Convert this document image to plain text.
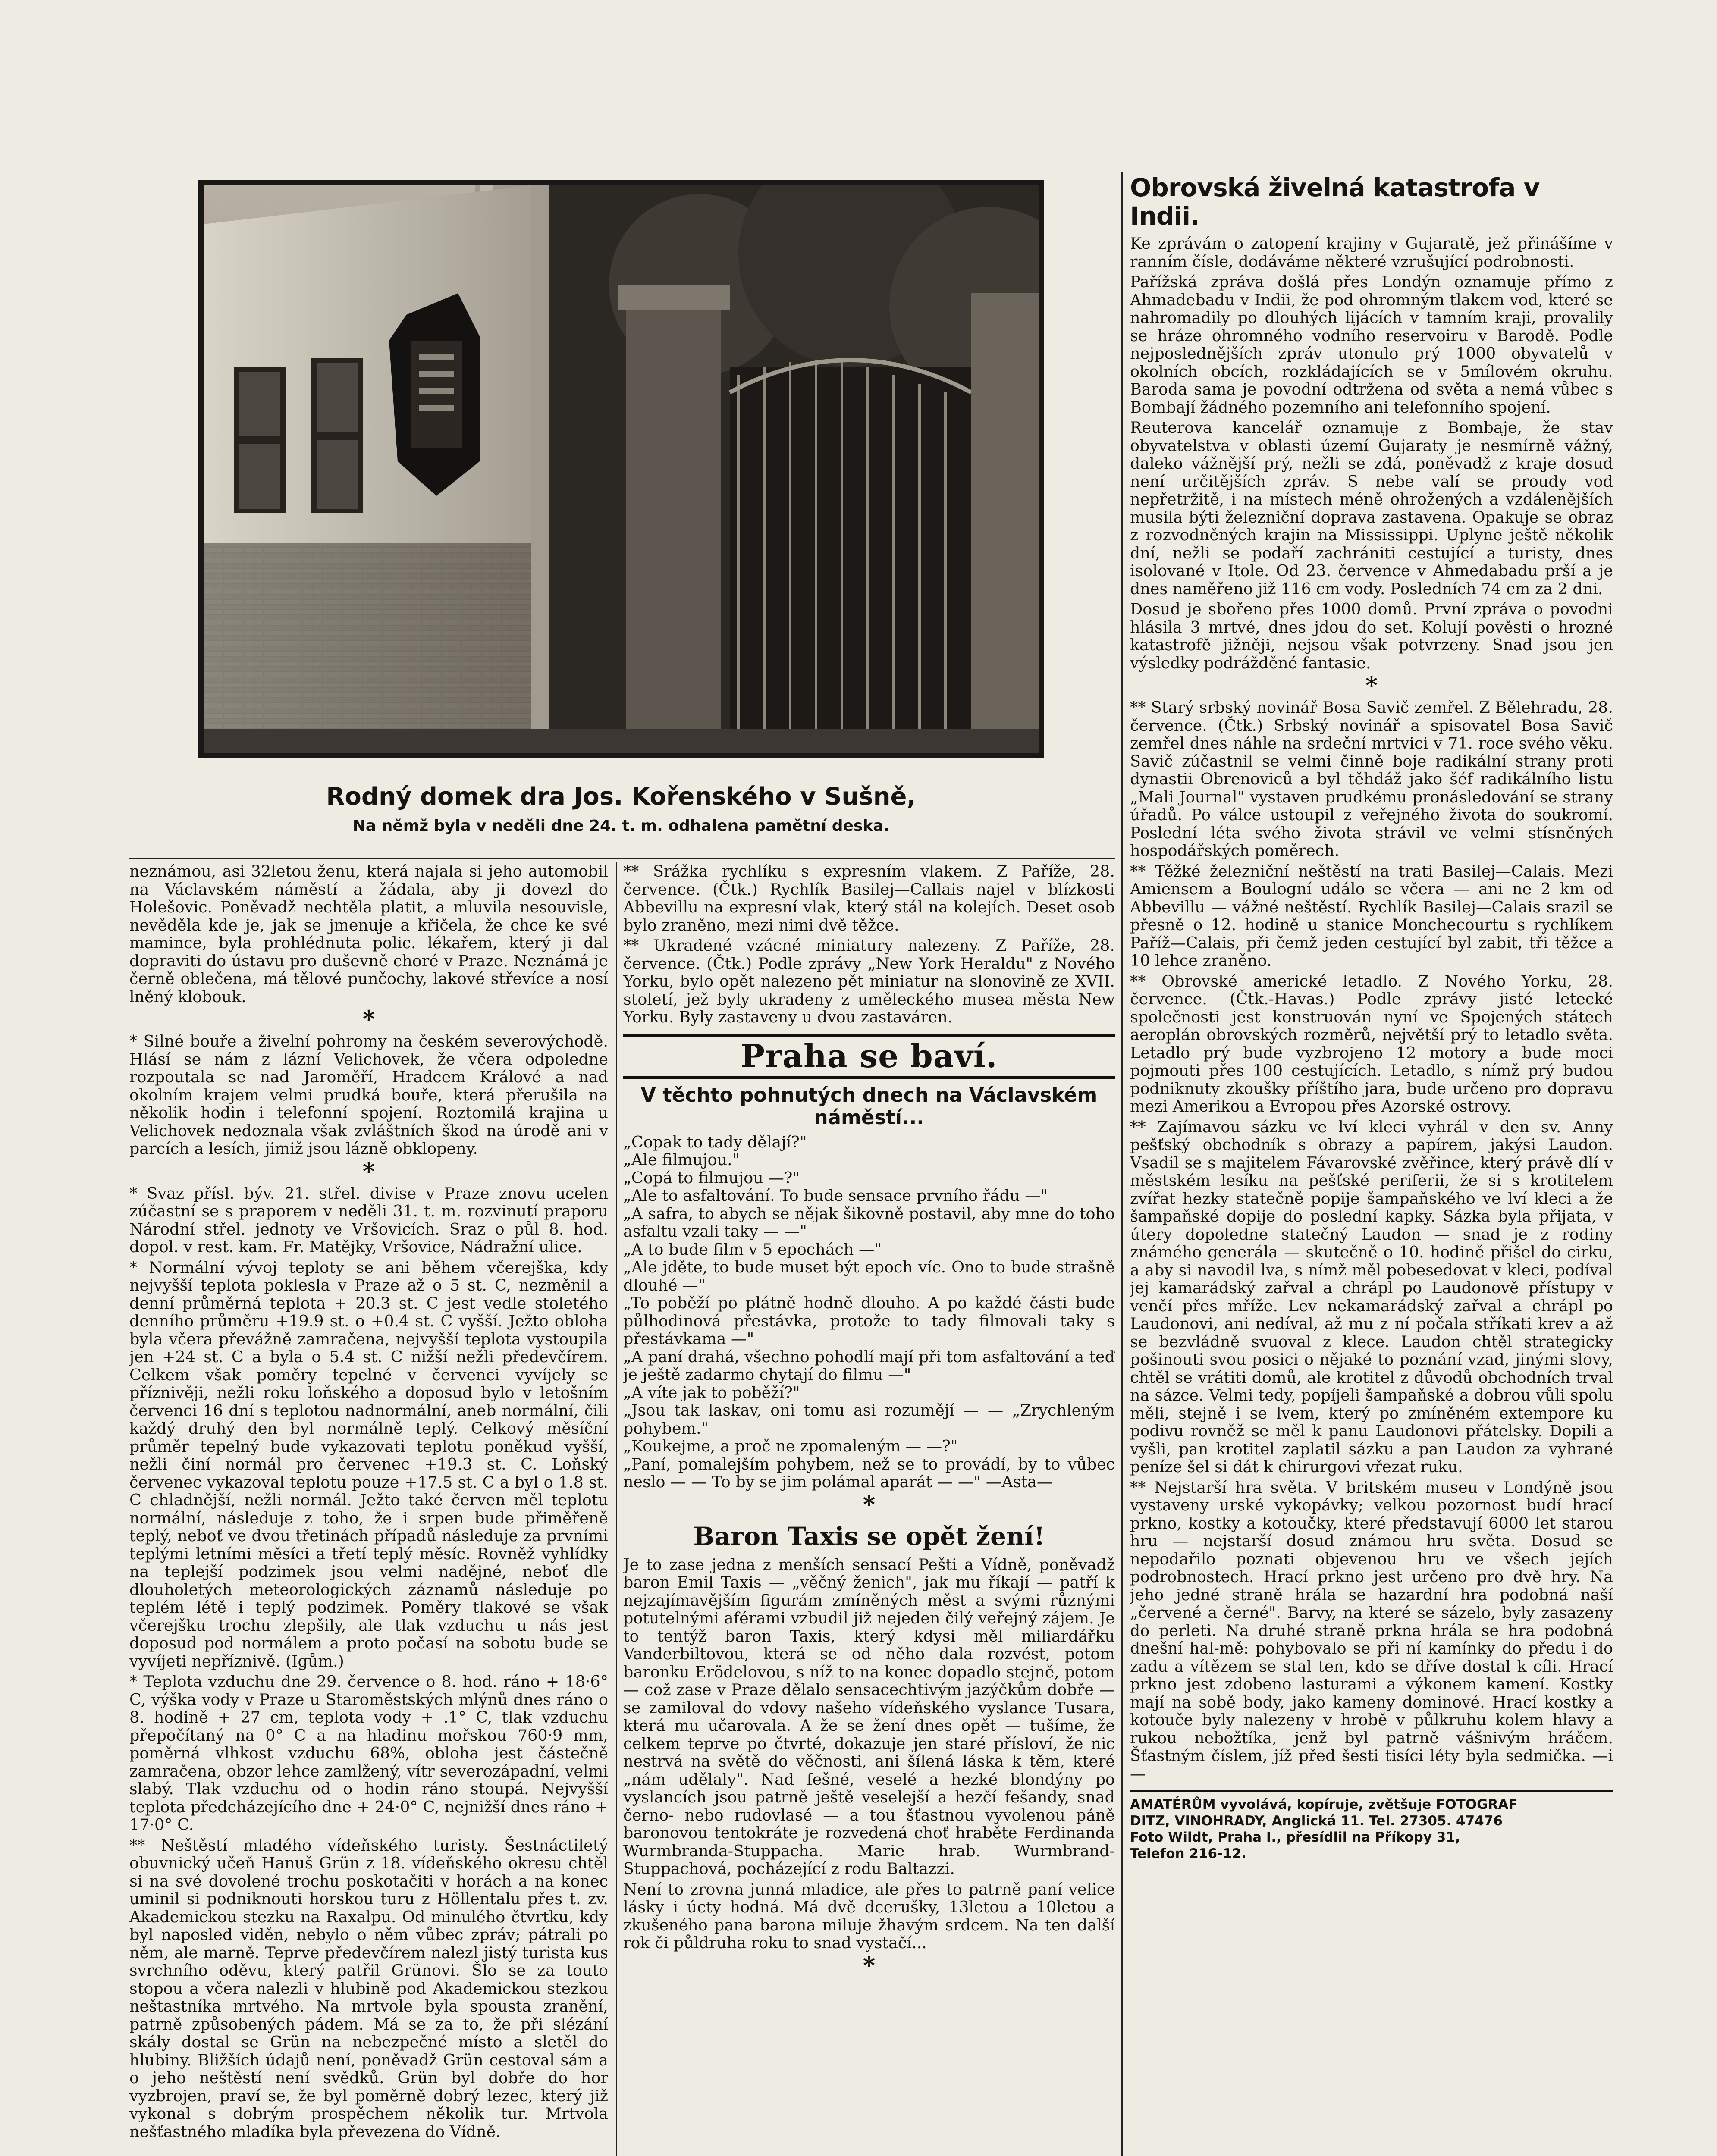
Rodný domek dra Jos. Kořenského v Sušně,

Na němž byla v neděli dne 24. t. m. odhalena pamětní deska.

neznámou, asi 32letou ženu, která najala si jeho automobil na Václavském náměstí a žádala, aby ji dovezl do Holešovic. Poněvadž nechtěla platit, a mluvila nesouvisle, nevěděla kde je, jak se jmenuje a křičela, že chce ke své mamince, byla prohlédnuta polic. lékařem, který ji dal dopraviti do ústavu pro duševně choré v Praze. Neznámá je černě oblečena, má tělové punčochy, lakové střevíce a nosí lněný klobouk.

*

* Silné bouře a živelní pohromy na českém severovýchodě. Hlásí se nám z lázní Velichovek, že včera odpoledne rozpoutala se nad Jaroměří, Hradcem Králové a nad okolním krajem velmi prudká bouře, která přerušila na několik hodin i telefonní spojení. Roztomilá krajina u Velichovek nedoznala však zvláštních škod na úrodě ani v parcích a lesích, jimiž jsou lázně obklopeny.

*

* Svaz přísl. býv. 21. střel. divise v Praze znovu ucelen zúčastní se s praporem v neděli 31. t. m. rozvinutí praporu Národní střel. jednoty ve Vršovicích. Sraz o půl 8. hod. dopol. v rest. kam. Fr. Matějky, Vršovice, Nádražní ulice.

* Normální vývoj teploty se ani během včerejška, kdy nejvyšší teplota poklesla v Praze až o 5 st. C, nezměnil a denní průměrná teplota + 20.3 st. C jest vedle stoletého denního průměru +19.9 st. o +0.4 st. C vyšší. Ježto obloha byla včera převážně zamračena, nejvyšší teplota vystoupila jen +24 st. C a byla o 5.4 st. C nižší nežli předevčírem. Celkem však poměry tepelné v červenci vyvíjely se příznivěji, nežli roku loňského a doposud bylo v letošním červenci 16 dní s teplotou nadnormální, aneb normální, čili každý druhý den byl normálně teplý. Celkový měsíční průměr tepelný bude vykazovati teplotu poněkud vyšší, nežli činí normál pro červenec +19.3 st. C. Loňský červenec vykazoval teplotu pouze +17.5 st. C a byl o 1.8 st. C chladnější, nežli normál. Ježto také červen měl teplotu normální, následuje z toho, že i srpen bude přiměřeně teplý, neboť ve dvou třetinách případů následuje za prvními teplými letními měsíci a třetí teplý měsíc. Rovněž vyhlídky na teplejší podzimek jsou velmi nadějné, neboť dle dlouholetých meteorologických záznamů následuje po teplém létě i teplý podzimek. Poměry tlakové se však včerejšku trochu zlepšily, ale tlak vzduchu u nás jest doposud pod normálem a proto počasí na sobotu bude se vyvíjeti nepříznivě. (Igům.)

* Teplota vzduchu dne 29. července o 8. hod. ráno + 18·6° C, výška vody v Praze u Staroměstských mlýnů dnes ráno o 8. hodině + 27 cm, teplota vody + .1° C, tlak vzduchu přepočítaný na 0° C a na hladinu mořskou 760·9 mm, poměrná vlhkost vzduchu 68%, obloha jest částečně zamračena, obzor lehce zamlžený, vítr severozápadní, velmi slabý. Tlak vzduchu od o hodin ráno stoupá. Nejvyšší teplota předcházejícího dne + 24·0° C, nejnižší dnes ráno + 17·0° C.

** Neštěstí mladého vídeňského turisty. Šestnáctiletý obuvnický učeň Hanuš Grün z 18. vídeňského okresu chtěl si na své dovolené trochu poskotačiti v horách a na konec uminil si podniknouti horskou turu z Höllentalu přes t. zv. Akademickou stezku na Raxalpu. Od minulého čtvrtku, kdy byl naposled viděn, nebylo o něm vůbec zpráv; pátrali po něm, ale marně. Teprve předevčírem nalezl jistý turista kus svrchního oděvu, který patřil Grünovi. Šlo se za touto stopou a včera nalezli v hlubině pod Akademickou stezkou neštastníka mrtvého. Na mrtvole byla spousta zranění, patrně způsobených pádem. Má se za to, že při slézání skály dostal se Grün na nebezpečné místo a sletěl do hlubiny. Bližších údajů není, poněvadž Grün cestoval sám a o jeho neštěstí není svědků. Grün byl dobře do hor vyzbrojen, praví se, že byl poměrně dobrý lezec, který již vykonal s dobrým prospěchem několik tur. Mrtvola nešťastného mladíka byla převezena do Vídně.

** Srážka rychlíku s expresním vlakem. Z Paříže, 28. července. (Čtk.) Rychlík Basilej—Callais najel v blízkosti Abbevillu na expresní vlak, který stál na kolejích. Deset osob bylo zraněno, mezi nimi dvě těžce.

** Ukradené vzácné miniatury nalezeny. Z Paříže, 28. července. (Čtk.) Podle zprávy „New York Heraldu" z Nového Yorku, bylo opět nalezeno pět miniatur na slonovině ze XVII. století, jež byly ukradeny z uměleckého musea města New Yorku. Byly zastaveny u dvou zastaváren.

Praha se baví.
V těchto pohnutých dnech na Václavském náměstí...

„Copak to tady dělají?"
„Ale filmujou."
„Copá to filmujou —?"
„Ale to asfaltování. To bude sensace prvního řádu —"
„A safra, to abych se nějak šikovně postavil, aby mne do toho asfaltu vzali taky — —"
„A to bude film v 5 epochách —"
„Ale jděte, to bude muset být epoch víc. Ono to bude strašně dlouhé —"
„To poběží po plátně hodně dlouho. A po každé části bude půlhodinová přestávka, protože to tady filmovali taky s přestávkama —"
„A paní drahá, všechno pohodlí mají při tom asfaltování a teď je ještě zadarmo chytají do filmu —"
„A víte jak to poběží?"
„Jsou tak laskav, oni tomu asi rozumějí — — „Zrychleným pohybem."
„Koukejme, a proč ne zpomaleným — —?"
„Paní, pomalejším pohybem, než se to provádí, by to vůbec neslo — — To by se jim polámal aparát — —" —Asta—

*
Baron Taxis se opět žení!

Je to zase jedna z menších sensací Pešti a Vídně, poněvadž baron Emil Taxis — „věčný ženich", jak mu říkají — patří k nejzajímavějším figurám zmíněných měst a svými různými potutelnými aférami vzbudil již nejeden čilý veřejný zájem. Je to tentýž baron Taxis, který kdysi měl miliardářku Vanderbiltovou, která se od něho dala rozvést, potom baronku Erödelovou, s níž to na konec dopadlo stejně, potom — což zase v Praze dělalo sensacechtivým jazýčkům dobře — se zamiloval do vdovy našeho vídeňského vyslance Tusara, která mu učarovala. A že se žení dnes opět — tušíme, že celkem teprve po čtvrté, dokazuje jen staré přísloví, že nic nestrvá na světě do věčnosti, ani šílená láska k těm, které „nám udělaly". Nad fešné, veselé a hezké blondýny po vyslancích jsou patrně ještě veselejší a hezčí fešandy, snad černo- nebo rudovlasé — a tou šťastnou vyvolenou páně baronovou tentokráte je rozvedená choť hraběte Ferdinanda Wurmbranda-Stuppacha. Marie hrab. Wurmbrand-Stuppachová, pocházející z rodu Baltazzi.

Není to zrovna junná mladice, ale přes to patrně paní velice lásky i úcty hodná. Má dvě dcerušky, 13letou a 10letou a zkušeného pana barona miluje žhavým srdcem. Na ten další rok či půldruha roku to snad vystačí...

*
Obrovská živelná katastrofa v Indii.

Ke zprávám o zatopení krajiny v Gujaratě, jež přinášíme v ranním čísle, dodáváme některé vzrušující podrobnosti.

Pařížská zpráva došlá přes Londýn oznamuje přímo z Ahmadebadu v Indii, že pod ohromným tlakem vod, které se nahromadily po dlouhých lijácích v tamním kraji, provalily se hráze ohromného vodního reservoiru v Barodě. Podle nejposlednějších zpráv utonulo prý 1000 obyvatelů v okolních obcích, rozkládajících se v 5mílovém okruhu. Baroda sama je povodní odtržena od světa a nemá vůbec s Bombají žádného pozemního ani telefonního spojení.

Reuterova kancelář oznamuje z Bombaje, že stav obyvatelstva v oblasti území Gujaraty je nesmírně vážný, daleko vážnější prý, nežli se zdá, poněvadž z kraje dosud není určitějších zpráv. S nebe valí se proudy vod nepřetržitě, i na místech méně ohrožených a vzdálenějších musila býti železniční doprava zastavena. Opakuje se obraz z rozvodněných krajin na Mississippi. Uplyne ještě několik dní, nežli se podaří zachrániti cestující a turisty, dnes isolované v Itole. Od 23. července v Ahmedabadu prší a je dnes naměřeno již 116 cm vody. Posledních 74 cm za 2 dni.

Dosud je sbořeno přes 1000 domů. První zpráva o povodni hlásila 3 mrtvé, dnes jdou do set. Kolují pověsti o hrozné katastrofě jižněji, nejsou však potvrzeny. Snad jsou jen výsledky podrážděné fantasie.

*

** Starý srbský novinář Bosa Savič zemřel. Z Bělehradu, 28. července. (Čtk.) Srbský novinář a spisovatel Bosa Savič zemřel dnes náhle na srdeční mrtvici v 71. roce svého věku. Savič zúčastnil se velmi činně boje radikální strany proti dynastii Obrenoviců a byl těhdáž jako šéf radikálního listu „Mali Journal" vystaven prudkému pronásledování se strany úřadů. Po válce ustoupil z veřejného života do soukromí. Poslední léta svého života strávil ve velmi stísněných hospodářských poměrech.

** Těžké železniční neštěstí na trati Basilej—Calais. Mezi Amiensem a Boulogní událo se včera — ani ne 2 km od Abbevillu — vážné neštěstí. Rychlík Basilej—Calais srazil se přesně o 12. hodině u stanice Monchecourtu s rychlíkem Paříž—Calais, při čemž jeden cestující byl zabit, tři těžce a 10 lehce zraněno.

** Obrovské americké letadlo. Z Nového Yorku, 28. července. (Čtk.-Havas.) Podle zprávy jisté letecké společnosti jest konstruován nyní ve Spojených státech aeroplán obrovských rozměrů, největší prý to letadlo světa. Letadlo prý bude vyzbrojeno 12 motory a bude moci pojmouti přes 100 cestujících. Letadlo, s nímž prý budou podniknuty zkoušky příštího jara, bude určeno pro dopravu mezi Amerikou a Evropou přes Azorské ostrovy.

** Zajímavou sázku ve lví kleci vyhrál v den sv. Anny pešťský obchodník s obrazy a papírem, jakýsi Laudon. Vsadil se s majitelem Fávarovské zvěřince, který právě dlí v městském lesíku na pešťské periferii, že si s krotitelem zvířat hezky statečně popije šampaňského ve lví kleci a že šampaňské dopije do poslední kapky. Sázka byla přijata, v útery dopoledne statečný Laudon — snad je z rodiny známého generála — skutečně o 10. hodině přišel do cirku, a aby si navodil lva, s nímž měl pobesedovat v kleci, podíval jej kamarádský zařval a chrápl po Laudonově přístupy v venčí přes mříže. Lev nekamarádský zařval a chrápl po Laudonovi, ani nedíval, až mu z ní počala stříkati krev a až se bezvládně svuoval z klece. Laudon chtěl strategicky pošinouti svou posici o nějaké to poznání vzad, jinými slovy, chtěl se vrátiti domů, ale krotitel z důvodů obchodních trval na sázce. Velmi tedy, popíjeli šampaňské a dobrou vůli spolu měli, stejně i se lvem, který po zmíněném extempore ku podivu rovněž se měl k panu Laudonovi přátelsky. Dopili a vyšli, pan krotitel zaplatil sázku a pan Laudon za vyhrané peníze šel si dát k chirurgovi vřezat ruku.

** Nejstarší hra světa. V britském museu v Londýně jsou vystaveny urské vykopávky; velkou pozornost budí hrací prkno, kostky a kotoučky, které představují 6000 let starou hru — nejstarší dosud známou hru světa. Dosud se nepodařilo poznati objevenou hru ve všech jejích podrobnostech. Hrací prkno jest určeno pro dvě hry. Na jeho jedné straně hrála se hazardní hra podobná naší „červené a černé". Barvy, na které se sázelo, byly zasazeny do perleti. Na druhé straně prkna hrála se hra podobná dnešní hal-mě: pohybovalo se při ní kamínky do předu i do zadu a vítězem se stal ten, kdo se dříve dostal k cíli. Hrací prkno jest zdobeno lasturami a výkonem kamení. Kostky mají na sobě body, jako kameny dominové. Hrací kostky a kotouče byly nalezeny v hrobě v půlkruhu kolem hlavy a rukou nebožtíka, jenž byl patrně vášnivým hráčem. Šťastným číslem, jíž před šesti tisíci léty byla sedmička. —i—

AMATÉRŮM vyvolává, kopíruje, zvětšuje FOTOGRAF
DITZ, VINOHRADY, Anglická 11. Tel. 27305. 47476
Foto Wildt, Praha I., přesídlil na Příkopy 31,
Telefon 216-12.
